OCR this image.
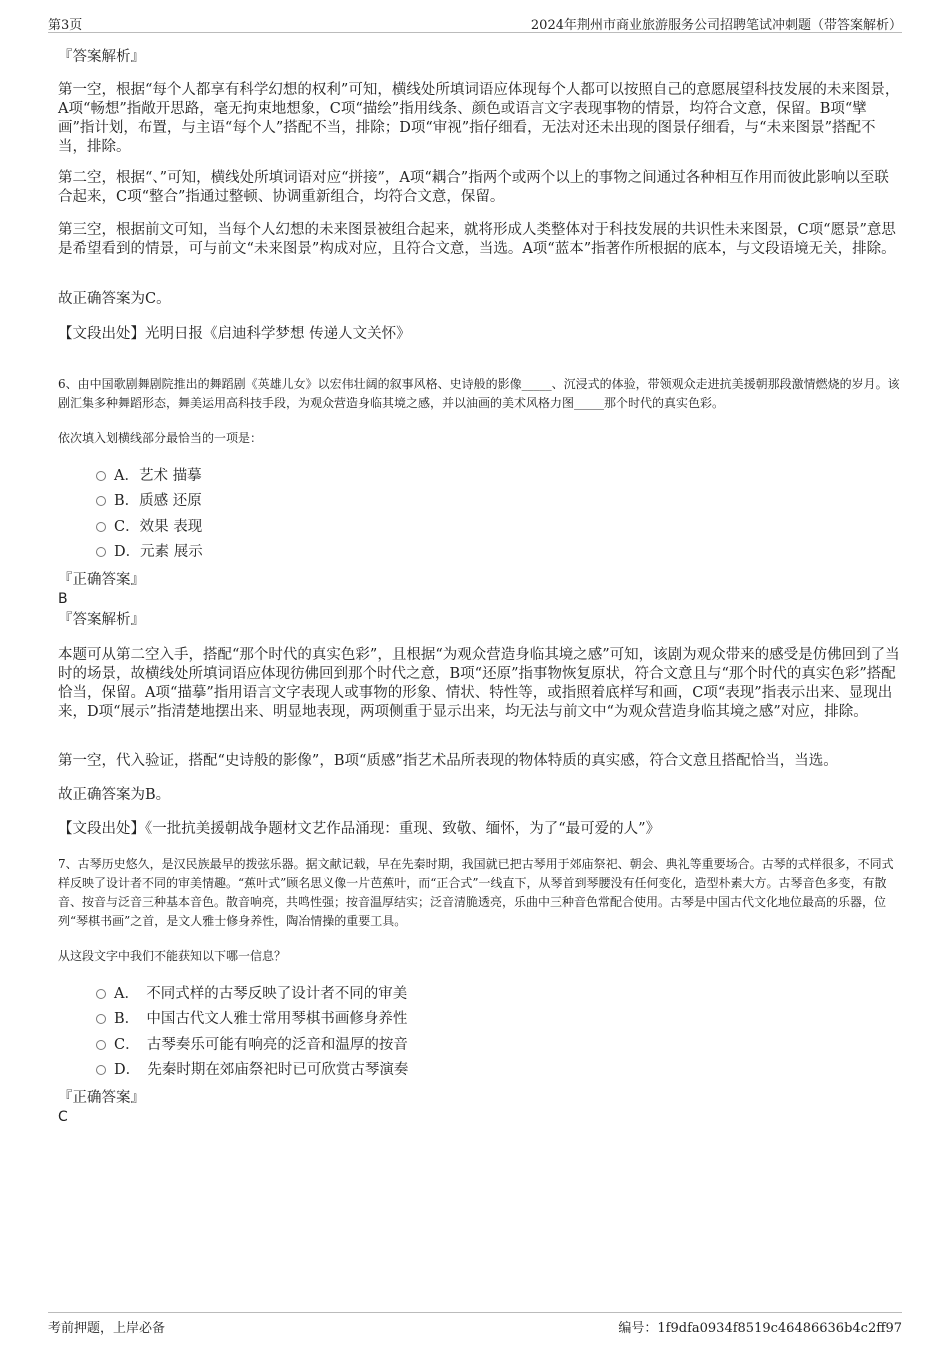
第3页	2024年荆州市商业旅游服务公司招聘笔试冲刺题（带答案解析）

『答案解析』

第一空，根据“每个人都享有科学幻想的权利”可知，横线处所填词语应体现每个人都可以按照自己的意愿展望科技发展的未来图景，A项“畅想”指敞开思路，毫无拘束地想象，C项“描绘”指用线条、颜色或语言文字表现事物的情景，均符合文意，保留。B项“擘画”指计划，布置，与主语“每个人”搭配不当，排除；D项“审视”指仔细看，无法对还未出现的图景仔细看，与“未来图景”搭配不当，排除。

第二空，根据“、”可知，横线处所填词语对应“拼接”，A项“耦合”指两个或两个以上的事物之间通过各种相互作用而彼此影响以至联合起来，C项“整合”指通过整顿、协调重新组合，均符合文意，保留。

第三空，根据前文可知，当每个人幻想的未来图景被组合起来，就将形成人类整体对于科技发展的共识性未来图景，C项“愿景”意思是希望看到的情景，可与前文“未来图景”构成对应，且符合文意，当选。A项“蓝本”指著作所根据的底本，与文段语境无关，排除。

故正确答案为C。

【文段出处】光明日报《启迪科学梦想 传递人文关怀》

6、由中国歌剧舞剧院推出的舞蹈剧《英雄儿女》以宏伟壮阔的叙事风格、史诗般的影像_____、沉浸式的体验，带领观众走进抗美援朝那段激情燃烧的岁月。该剧汇集多种舞蹈形态，舞美运用高科技手段，为观众营造身临其境之感，并以油画的美术风格力图_____那个时代的真实色彩。

依次填入划横线部分最恰当的一项是：

A．艺术 描摹
B．质感 还原
C．效果 表现
D．元素 展示

『正确答案』

B

『答案解析』

本题可从第二空入手，搭配“那个时代的真实色彩”，且根据“为观众营造身临其境之感”可知，该剧为观众带来的感受是仿佛回到了当时的场景，故横线处所填词语应体现彷佛回到那个时代之意，B项“还原”指事物恢复原状，符合文意且与“那个时代的真实色彩”搭配恰当，保留。A项“描摹”指用语言文字表现人或事物的形象、情状、特性等，或指照着底样写和画，C项“表现”指表示出来、显现出来，D项“展示”指清楚地摆出来、明显地表现，两项侧重于显示出来，均无法与前文中“为观众营造身临其境之感”对应，排除。

第一空，代入验证，搭配“史诗般的影像”，B项“质感”指艺术品所表现的物体特质的真实感，符合文意且搭配恰当，当选。

故正确答案为B。

【文段出处】《一批抗美援朝战争题材文艺作品涌现：重现、致敬、缅怀，为了“最可爱的人”》

7、古琴历史悠久，是汉民族最早的拨弦乐器。据文献记载，早在先秦时期，我国就已把古琴用于郊庙祭祀、朝会、典礼等重要场合。古琴的式样很多，不同式样反映了设计者不同的审美情趣。“蕉叶式”顾名思义像一片芭蕉叶，而“正合式”一线直下，从琴首到琴腰没有任何变化，造型朴素大方。古琴音色多变，有散音、按音与泛音三种基本音色。散音响亮，共鸣性强；按音温厚结实；泛音清脆透亮，乐曲中三种音色常配合使用。古琴是中国古代文化地位最高的乐器，位列“琴棋书画”之首，是文人雅士修身养性，陶冶情操的重要工具。

从这段文字中我们不能获知以下哪一信息？

A．　不同式样的古琴反映了设计者不同的审美
B．　中国古代文人雅士常用琴棋书画修身养性
C．　古琴奏乐可能有响亮的泛音和温厚的按音
D．　先秦时期在郊庙祭祀时已可欣赏古琴演奏

『正确答案』

C

考前押题，上岸必备	编号：1f9dfa0934f8519c46486636b4c2ff97
